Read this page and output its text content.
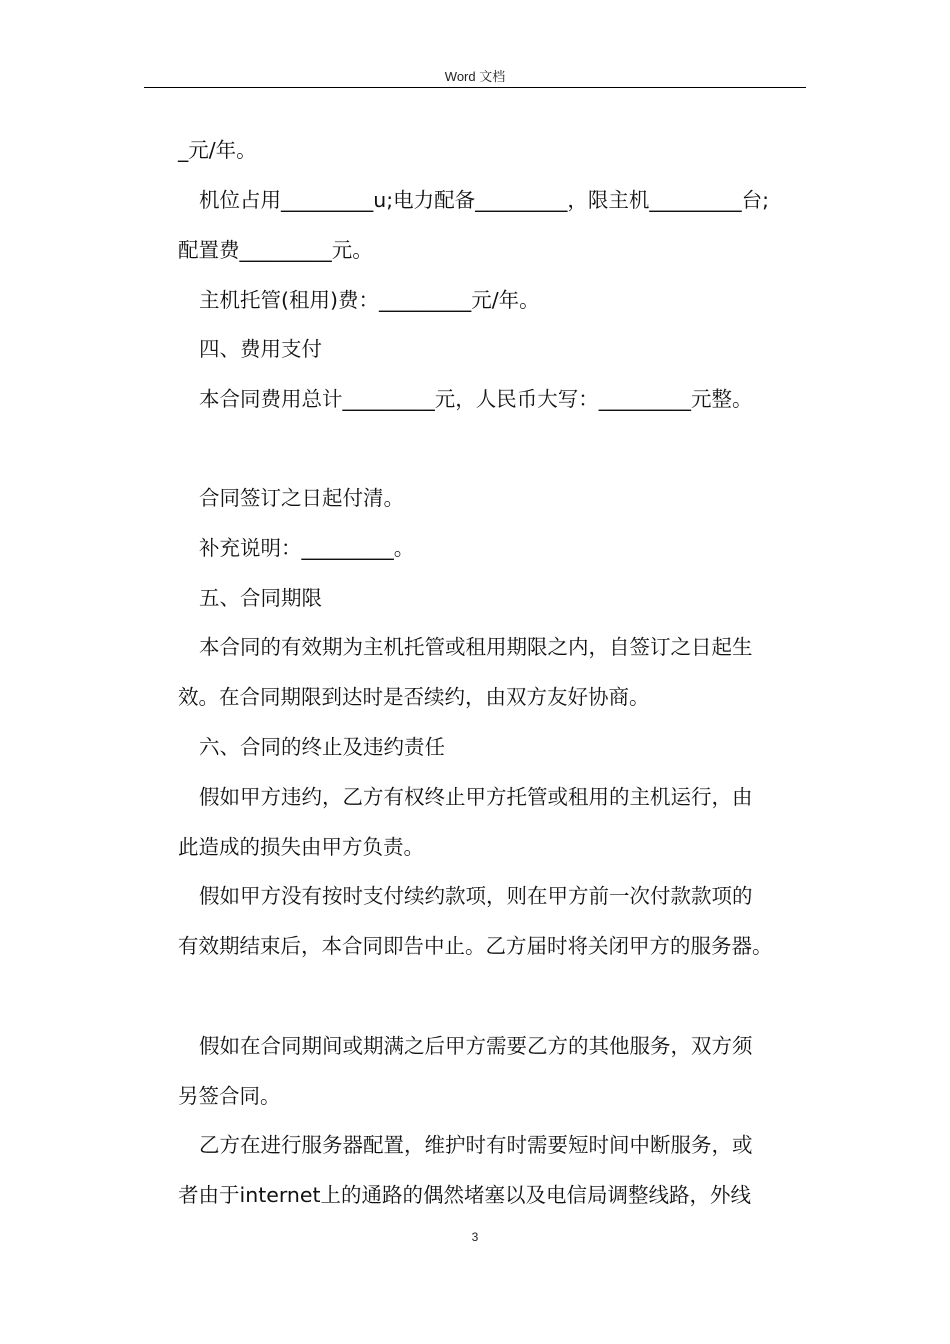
Word 文档
_元/年。
机位占用_________u;电力配备_________，限主机_________台;
配置费_________元。
主机托管(租用)费：_________元/年。
四、费用支付
本合同费用总计_________元，人民币大写：_________元整。
合同签订之日起付清。
补充说明：_________。
五、合同期限
本合同的有效期为主机托管或租用期限之内，自签订之日起生
效。在合同期限到达时是否续约，由双方友好协商。
六、合同的终止及违约责任
假如甲方违约，乙方有权终止甲方托管或租用的主机运行，由
此造成的损失由甲方负责。
假如甲方没有按时支付续约款项，则在甲方前一次付款款项的
有效期结束后，本合同即告中止。乙方届时将关闭甲方的服务器。
假如在合同期间或期满之后甲方需要乙方的其他服务，双方须
另签合同。
乙方在进行服务器配置，维护时有时需要短时间中断服务，或
者由于internet上的通路的偶然堵塞以及电信局调整线路，外线
3
